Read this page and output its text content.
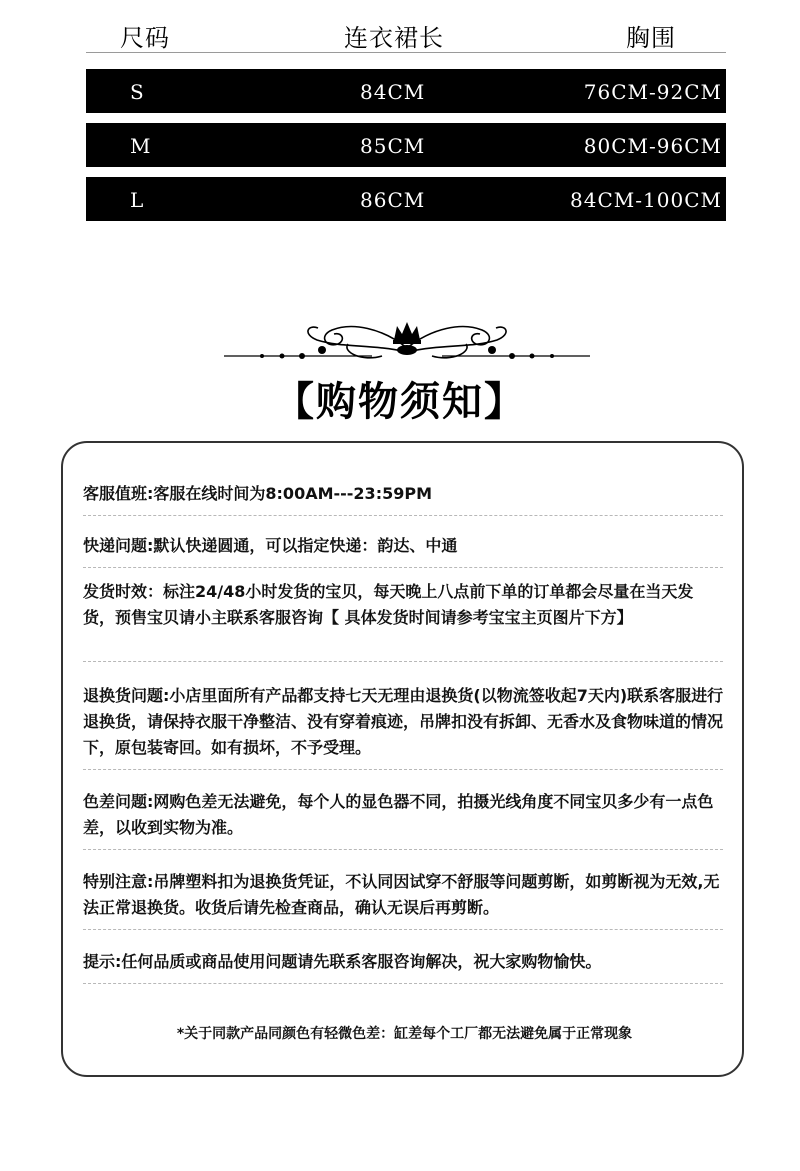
尺码	连衣裙长	胸围
S	84CM	76CM-92CM
M	85CM	80CM-96CM
L	86CM	84CM-100CM
【购物须知】
客服值班:客服在线时间为8:00AM---23:59PM
快递问题:默认快递圆通，可以指定快递：韵达、中通
发货时效：标注24/48小时发货的宝贝，每天晚上八点前下单的订单都会尽量在当天发货，预售宝贝请小主联系客服咨询【 具体发货时间请参考宝宝主页图片下方】
退换货问题:小店里面所有产品都支持七天无理由退换货(以物流签收起7天内)联系客服进行退换货，请保持衣服干净整洁、没有穿着痕迹，吊牌扣没有拆卸、无香水及食物味道的情况下，原包装寄回。如有损坏，不予受理。
色差问题:网购色差无法避免，每个人的显色器不同，拍摄光线角度不同宝贝多少有一点色差，以收到实物为准。
特别注意:吊牌塑料扣为退换货凭证，不认同因试穿不舒服等问题剪断，如剪断视为无效,无法正常退换货。收货后请先检查商品，确认无误后再剪断。
提示:任何品质或商品使用问题请先联系客服咨询解决，祝大家购物愉快。
*关于同款产品同颜色有轻微色差：缸差每个工厂都无法避免属于正常现象
